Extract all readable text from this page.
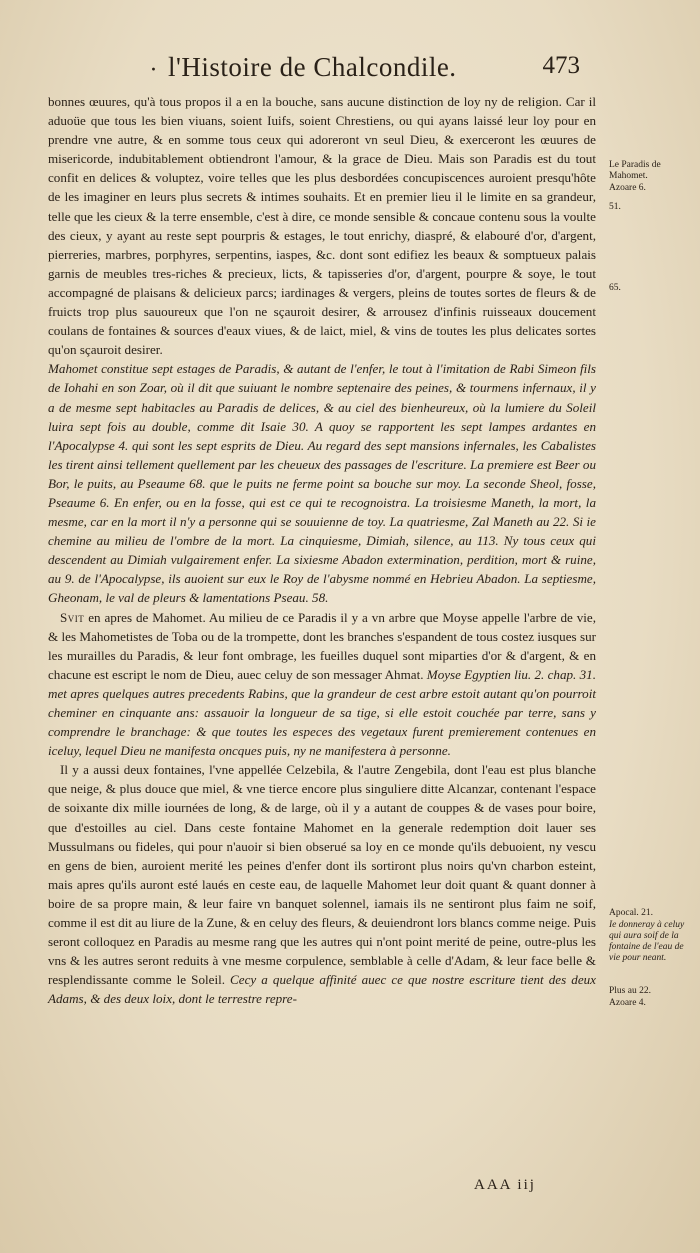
· l'Histoire de Chalcondile.	473

bonnes œuures, qu'à tous propos il a en la bouche, sans aucune distinction de loy ny de religion. Car il aduoüe que tous les bien viuans, soient Iuifs, soient Chrestiens, ou qui ayans laissé leur loy pour en prendre vne autre, & en somme tous ceux qui adoreront vn seul Dieu, & exerceront les œuures de misericorde, indubitablement obtiendront l'amour, & la grace de Dieu. Mais son Paradis est du tout confit en delices & voluptez, voire telles que les plus desbordées concupiscences auroient presqu'hôte de les imaginer en leurs plus secrets & intimes souhaits. Et en premier lieu il le limite en sa grandeur, telle que les cieux & la terre ensemble, c'est à dire, ce monde sensible & concaue contenu sous la voulte des cieux, y ayant au reste sept pourpris & estages, le tout enrichy, diaspré, & elabouré d'or, d'argent, pierreries, marbres, porphyres, serpentins, iaspes, &c. dont sont edifiez les beaux & somptueux palais garnis de meubles tres-riches & precieux, licts, & tapisseries d'or, d'argent, pourpre & soye, le tout accompagné de plaisans & delicieux parcs; iardinages & vergers, pleins de toutes sortes de fleurs & de fruicts trop plus sauoureux que l'on ne sçauroit desirer, & arrousez d'infinis ruisseaux doucement coulans de fontaines & sources d'eaux viues, & de laict, miel, & vins de toutes les plus delicates sortes qu'on sçauroit desirer.

Mahomet constitue sept estages de Paradis, & autant de l'enfer, le tout à l'imitation de Rabi Simeon fils de Iohahi en son Zoar, où il dit que suiuant le nombre septenaire des peines, & tourmens infernaux, il y a de mesme sept habitacles au Paradis de delices, & au ciel des bienheureux, où la lumiere du Soleil luira sept fois au double, comme dit Isaie 30. A quoy se rapportent les sept lampes ardantes en l'Apocalypse 4. qui sont les sept esprits de Dieu. Au regard des sept mansions infernales, les Cabalistes les tirent ainsi tellement quellement par les cheueux des passages de l'escriture. La premiere est Beer ou Bor, le puits, au Pseaume 68. que le puits ne ferme point sa bouche sur moy. La seconde Sheol, fosse, Pseaume 6. En enfer, ou en la fosse, qui est ce qui te recognoistra. La troisiesme Maneth, la mort, la mesme, car en la mort il n'y a personne qui se souuienne de toy. La quatriesme, Zal Maneth au 22. Si ie chemine au milieu de l'ombre de la mort. La cinquiesme, Dimiah, silence, au 113. Ny tous ceux qui descendent au Dimiah vulgairement enfer. La sixiesme Abadon extermination, perdition, mort & ruine, au 9. de l'Apocalypse, ils auoient sur eux le Roy de l'abysme nommé en Hebrieu Abadon. La septiesme, Gheonam, le val de pleurs & lamentations Pseau. 58.

Svit en apres de Mahomet. Au milieu de ce Paradis il y a vn arbre que Moyse appelle l'arbre de vie, & les Mahometistes de Toba ou de la trompette, dont les branches s'espandent de tous costez iusques sur les murailles du Paradis, & leur font ombrage, les fueilles duquel sont miparties d'or & d'argent, & en chacune est escript le nom de Dieu, auec celuy de son messager Ahmat. Moyse Egyptien liu. 2. chap. 31. met apres quelques autres precedents Rabins, que la grandeur de cest arbre estoit autant qu'on pourroit cheminer en cinquante ans: assauoir la longueur de sa tige, si elle estoit couchée par terre, sans y comprendre le branchage: & que toutes les especes des vegetaux furent premierement contenues en iceluy, lequel Dieu ne manifesta oncques puis, ny ne manifestera à personne.

Il y a aussi deux fontaines, l'vne appellée Celzebila, & l'autre Zengebila, dont l'eau est plus blanche que neige, & plus douce que miel, & vne tierce encore plus singuliere ditte Alcanzar, contenant l'espace de soixante dix mille iournées de long, & de large, où il y a autant de couppes & de vases pour boire, que d'estoilles au ciel. Dans ceste fontaine Mahomet en la generale redemption doit lauer ses Mussulmans ou fideles, qui pour n'auoir si bien obserué sa loy en ce monde qu'ils debuoient, ny vescu en gens de bien, auroient merité les peines d'enfer dont ils sortiront plus noirs qu'vn charbon esteint, mais apres qu'ils auront esté laués en ceste eau, de laquelle Mahomet leur doit quant & quant donner à boire de sa propre main, & leur faire vn banquet solennel, iamais ils ne sentiront plus faim ne soif, comme il est dit au liure de la Zune, & en celuy des fleurs, & deuiendront lors blancs comme neige. Puis seront colloquez en Paradis au mesme rang que les autres qui n'ont point merité de peine, outre-plus les vns & les autres seront reduits à vne mesme corpulence, semblable à celle d'Adam, & leur face belle & resplendissante comme le Soleil. Cecy a quelque affinité auec ce que nostre escriture tient des deux Adams, & des deux loix, dont le terrestre repre-

Le Paradis de Mahomet.
Azoare 6.
51.
65.
Apocal. 21.
Ie donneray à celuy qui aura soif de la fontaine de l'eau de vie pour neant.
Plus au 22.
Azoare 4.
AAA iij
